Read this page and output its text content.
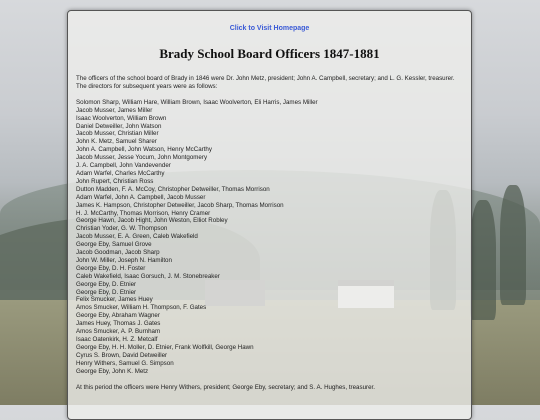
Click to Visit Homepage
Brady School Board Officers 1847-1881

The officers of the school board of Brady in 1846 were Dr. John Metz, president; John A. Campbell, secretary; and L. G. Kessler, treasurer. The directors for subsequent years were as follows:

Solomon Sharp, William Hare, William Brown, Isaac Woolverton, Eli Harris, James Miller
Jacob Musser, James Miller
Isaac Woolverton, William Brown
Daniel Detweiller, John Watson
Jacob Musser, Christian Miller
John K. Metz, Samuel Sharer
John A. Campbell, John Watson, Henry McCarthy
Jacob Musser, Jesse Yocum, John Montgomery
J. A. Campbell, John Vandevender
Adam Warfel, Charles McCarthy
John Rupert, Christian Ross
Dutton Madden, F. A. McCoy, Christopher Detweiller, Thomas Morrison
Adam Warfel, John A. Campbell, Jacob Musser
James K. Hampson, Christopher Detweiller, Jacob Sharp, Thomas Morrison
H. J. McCarthy, Thomas Morrison, Henry Cramer
George Hawn, Jacob Hight, John Weston, Elliot Robley
Christian Yoder, G. W. Thompson
Jacob Musser, E. A. Green, Caleb Wakefield
George Eby, Samuel Grove
Jacob Goodman, Jacob Sharp
John W. Miller, Joseph N. Hamilton
George Eby, D. H. Foster
Caleb Wakefield, Isaac Gorsuch, J. M. Stonebreaker
George Eby, D. Etnier
George Eby, D. Etnier
Felix Smucker, James Huey
Amos Smucker, William H. Thompson, F. Gates
George Eby, Abraham Wagner
James Huey, Thomas J. Gates
Amos Smucker, A. P. Burnham
Isaac Oatenkirk, H. Z. Metcalf
George Eby, H. H. Moller, D. Etnier, Frank Wolfkill, George Hawn
Cyrus S. Brown, David Detweiller
Henry Withers, Samuel G. Simpson
George Eby, John K. Metz

At this period the officers were Henry Withers, president; George Eby, secretary; and S. A. Hughes, treasurer.
